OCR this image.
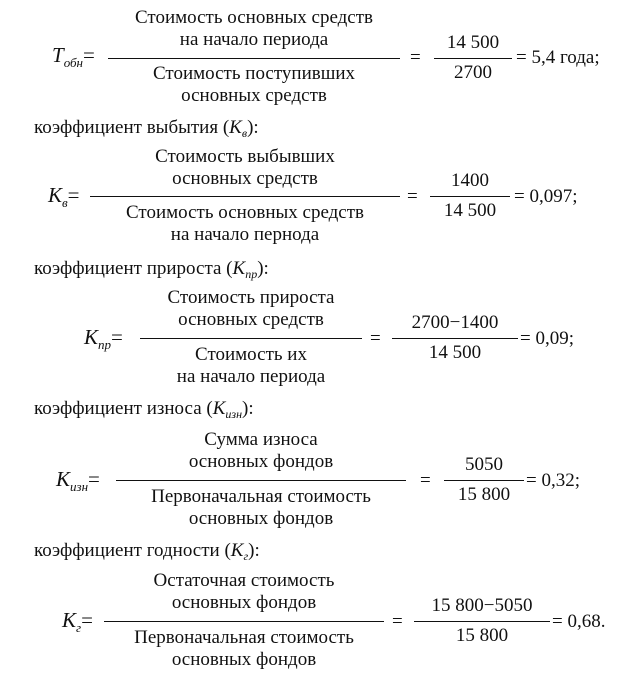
$T_{обн}=$
Стоимость основных средств
на начало периода
Стоимость поступивших
основных средств
=
14 500
2700
= 5,4 года;
коэффициент выбытия $(K_в)$:
$K_в=$
Стоимость выбывших
основных средств
Стоимость основных средств
на начало пернода
=
1400
14 500
= 0,097;
коэффициент прироста $(K_{пр})$:
$K_{пр}=$
Стоимость прироста
основных средств
Стоимость их
на начало периода
=
2700−1400
14 500
= 0,09;
коэффициент износа $(K_{изн})$:
$K_{изн}=$
Сумма износа
основных фондов
Первоначальная стоимость
основных фондов
=
5050
15 800
= 0,32;
коэффициент годности $(K_г)$:
$K_г=$
Остаточная стоимость
основных фондов
Первоначальная стоимость
основных фондов
=
15 800−5050
15 800
= 0,68.
